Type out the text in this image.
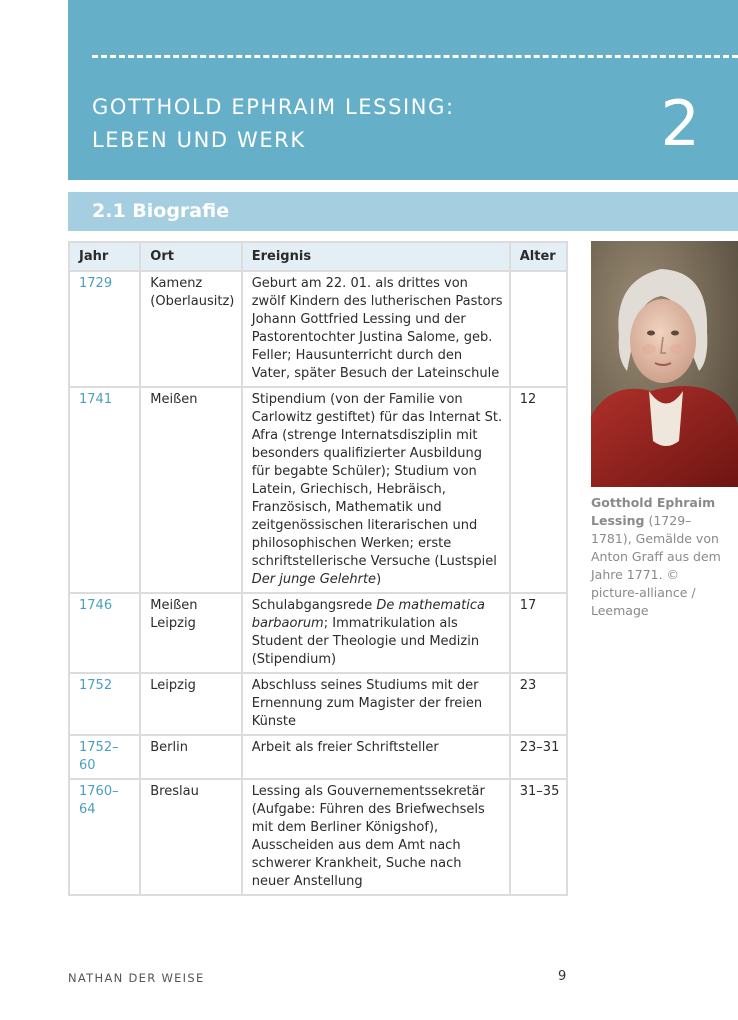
GOTTHOLD EPHRAIM LESSING:
LEBEN UND WERK	2
2.1 Biografie
Jahr	Ort	Ereignis	Alter
1729	Kamenz (Oberlausitz)	Geburt am 22. 01. als drittes von zwölf Kindern des lutherischen Pastors Johann Gottfried Lessing und der Pastorentochter Justina Salome, geb. Feller; Hausunterricht durch den Vater, später Besuch der Lateinschule	
1741	Meißen	Stipendium (von der Familie von Carlowitz gestiftet) für das Internat St. Afra (strenge Internatsdisziplin mit besonders qualifizierter Ausbildung für begabte Schüler); Studium von Latein, Griechisch, Hebräisch, Französisch, Mathematik und zeitgenössischen literarischen und philosophischen Werken; erste schriftstellerische Versuche (Lustspiel Der junge Gelehrte)	12
1746	Meißen Leipzig	Schulabgangsrede De mathematica barbaorum; Immatrikulation als Student der Theologie und Medizin (Stipendium)	17
1752	Leipzig	Abschluss seines Studiums mit der Ernennung zum Magister der freien Künste	23
1752–60	Berlin	Arbeit als freier Schriftsteller	23–31
1760–64	Breslau	Lessing als Gouvernementssekretär (Aufgabe: Führen des Briefwechsels mit dem Berliner Königshof), Ausscheiden aus dem Amt nach schwerer Krankheit, Suche nach neuer Anstellung	31–35
Gotthold Ephraim Lessing (1729–1781), Gemälde von Anton Graff aus dem Jahre 1771. © picture-alliance / Leemage
NATHAN DER WEISE	9
